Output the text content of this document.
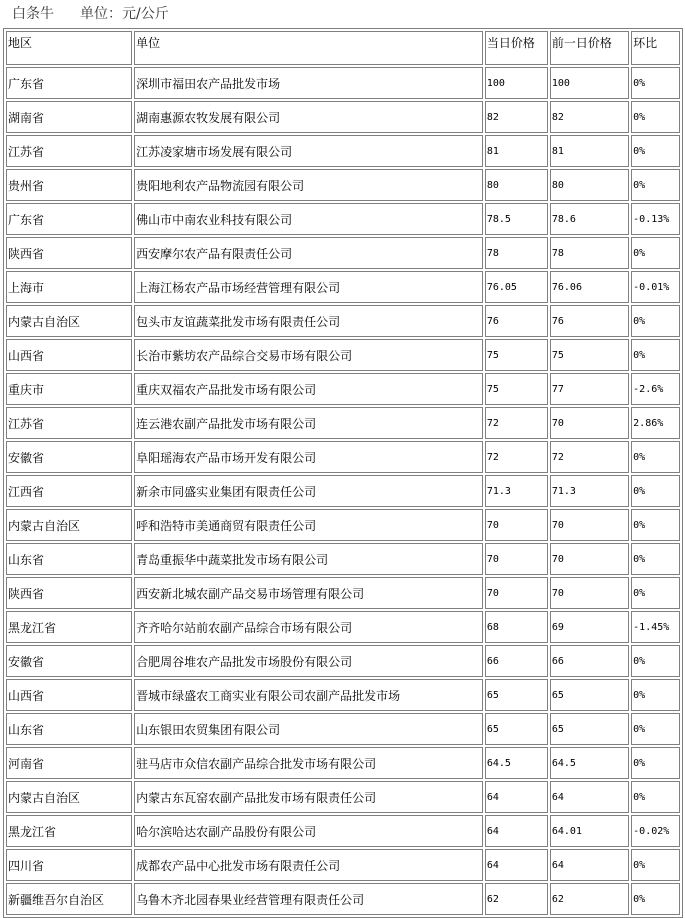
白条牛 单位：元/公斤
地区	单位	当日价格	前一日价格	环比
广东省	深圳市福田农产品批发市场	100	100	0%
湖南省	湖南惠源农牧发展有限公司	82	82	0%
江苏省	江苏凌家塘市场发展有限公司	81	81	0%
贵州省	贵阳地利农产品物流园有限公司	80	80	0%
广东省	佛山市中南农业科技有限公司	78.5	78.6	-0.13%
陕西省	西安摩尔农产品有限责任公司	78	78	0%
上海市	上海江杨农产品市场经营管理有限公司	76.05	76.06	-0.01%
内蒙古自治区	包头市友谊蔬菜批发市场有限责任公司	76	76	0%
山西省	长治市紫坊农产品综合交易市场有限公司	75	75	0%
重庆市	重庆双福农产品批发市场有限公司	75	77	-2.6%
江苏省	连云港农副产品批发市场有限公司	72	70	2.86%
安徽省	阜阳瑶海农产品市场开发有限公司	72	72	0%
江西省	新余市同盛实业集团有限责任公司	71.3	71.3	0%
内蒙古自治区	呼和浩特市美通商贸有限责任公司	70	70	0%
山东省	青岛重振华中蔬菜批发市场有限公司	70	70	0%
陕西省	西安新北城农副产品交易市场管理有限公司	70	70	0%
黑龙江省	齐齐哈尔站前农副产品综合市场有限公司	68	69	-1.45%
安徽省	合肥周谷堆农产品批发市场股份有限公司	66	66	0%
山西省	晋城市绿盛农工商实业有限公司农副产品批发市场	65	65	0%
山东省	山东银田农贸集团有限公司	65	65	0%
河南省	驻马店市众信农副产品综合批发市场有限公司	64.5	64.5	0%
内蒙古自治区	内蒙古东瓦窑农副产品批发市场有限责任公司	64	64	0%
黑龙江省	哈尔滨哈达农副产品股份有限公司	64	64.01	-0.02%
四川省	成都农产品中心批发市场有限责任公司	64	64	0%
新疆维吾尔自治区	乌鲁木齐北园春果业经营管理有限责任公司	62	62	0%
